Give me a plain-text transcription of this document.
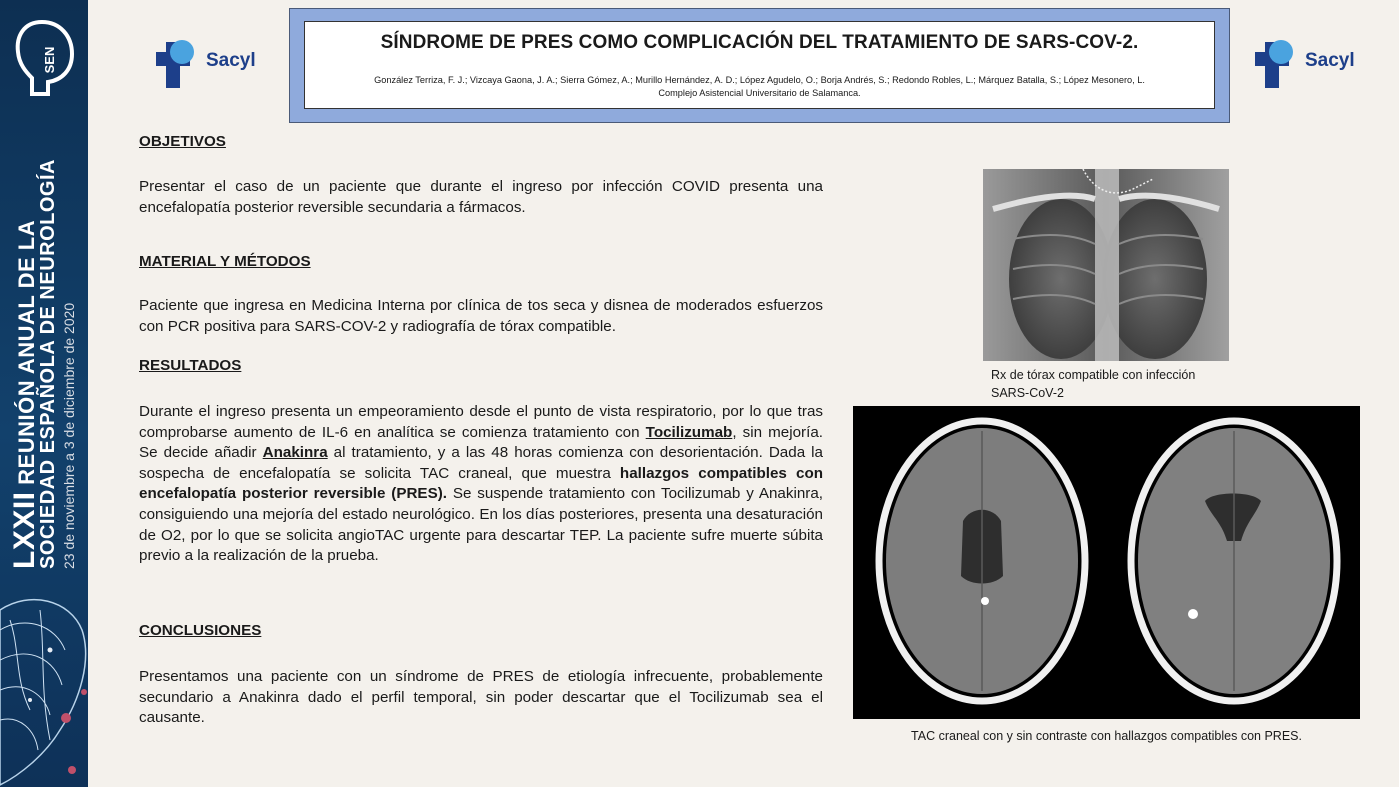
SEN
LXXII REUNIÓN ANUAL DE LA
SOCIEDAD ESPAÑOLA DE NEUROLOGÍA 23 de noviembre a 3 de diciembre de 2020
Sacyl
SÍNDROME DE PRES COMO COMPLICACIÓN DEL TRATAMIENTO DE SARS-COV-2.
González Terriza, F. J.; Vizcaya Gaona, J. A.; Sierra Gómez, A.; Murillo Hernández, A. D.; López Agudelo, O.; Borja Andrés, S.; Redondo Robles, L.; Márquez Batalla, S.; López Mesonero, L.
Complejo Asistencial Universitario de Salamanca.
Sacyl
OBJETIVOS
Presentar el caso de un paciente que durante el ingreso por infección COVID presenta una encefalopatía posterior reversible secundaria a fármacos.
MATERIAL Y MÉTODOS
Paciente que ingresa en Medicina Interna por clínica de tos seca y disnea de moderados esfuerzos con PCR positiva para SARS-COV-2 y radiografía de tórax compatible.
RESULTADOS
Durante el ingreso presenta un empeoramiento desde el punto de vista respiratorio, por lo que tras comprobarse aumento de IL-6 en analítica se comienza tratamiento con Tocilizumab, sin mejoría. Se decide añadir Anakinra al tratamiento, y a las 48 horas comienza con desorientación. Dada la sospecha de encefalopatía se solicita TAC craneal, que muestra hallazgos compatibles con encefalopatía posterior reversible (PRES). Se suspende tratamiento con Tocilizumab y Anakinra, consiguiendo una mejoría del estado neurológico. En los días posteriores, presenta una desaturación de O2, por lo que se solicita angioTAC urgente para descartar TEP. La paciente sufre muerte súbita previo a la realización de la prueba.
CONCLUSIONES
Presentamos una paciente con un síndrome de PRES de etiología infrecuente, probablemente secundario a Anakinra dado el perfil temporal, sin poder descartar que el Tocilizumab sea el causante.
Rx de tórax compatible con infección SARS-CoV-2
TAC craneal con y sin contraste con hallazgos compatibles con PRES.
